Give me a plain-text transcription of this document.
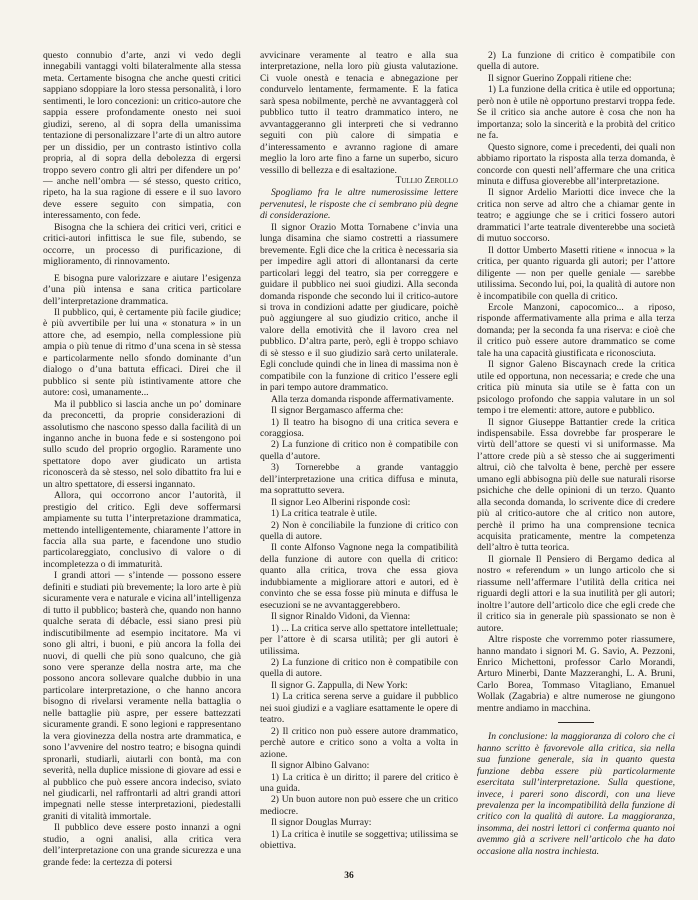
questo connubio d’arte, anzi vi vedo degli innegabili vantaggi volti bilateralmente alla stessa meta. Certamente bisogna che anche questi critici sappiano sdoppiare la loro stessa personalità, i loro sentimenti, le loro concezioni: un critico-autore che sappia essere profondamente onesto nei suoi giudizi, sereno, al di sopra della umanissima tentazione di personalizzare l’arte di un altro autore per un dissidio, per un contrasto istintivo colla propria, al di sopra della debolezza di ergersi troppo severo contro gli altri per difendere un po’ — anche nell’ombra — sé stesso, questo critico, ripeto, ha la sua ragione di essere e il suo lavoro deve essere seguito con simpatia, con interessamento, con fede.

Bisogna che la schiera dei critici veri, critici e critici-autori infittisca le sue file, subendo, se occorre, un processo di purificazione, di miglioramento, di rinnovamento.

E bisogna pure valorizzare e aiutare l’esigenza d’una più intensa e sana critica particolare dell’interpretazione drammatica.

Il pubblico, qui, è certamente più facile giudice; è più avvertibile per lui una « stonatura » in un attore che, ad esempio, nella complessione più ampia o più tenue di ritmo d’una scena in sè stessa e particolarmente nello sfondo dominante d’un dialogo o d’una battuta efficaci. Direi che il pubblico si sente più istintivamente attore che autore: così, umanamente...

Ma il pubblico si lascia anche un po’ dominare da preconcetti, da proprie considerazioni di assolutismo che nascono spesso dalla facilità di un inganno anche in buona fede e si sostengono poi sullo scudo del proprio orgoglio. Raramente uno spettatore dopo aver giudicato un artista riconoscerà da sè stesso, nel solo dibattito fra lui e un altro spettatore, di essersi ingannato.

Allora, qui occorrono ancor l’autorità, il prestigio del critico. Egli deve soffermarsi ampiamente su tutta l’interpretazione drammatica, mettendo intelligentemente, chiaramente l’attore in faccia alla sua parte, e facendone uno studio particolareggiato, conclusivo di valore o di incompletezza o di immaturità.

I grandi attori — s’intende — possono essere definiti e studiati più brevemente; la loro arte è più sicuramente vera e naturale e vicina all’intelligenza di tutto il pubblico; basterà che, quando non hanno qualche serata di débacle, essi siano presi più indiscutibilmente ad esempio incitatore. Ma vi sono gli altri, i buoni, e più ancora la folla dei nuovi, di quelli che più sono qualcuno, che già sono vere speranze della nostra arte, ma che possono ancora sollevare qualche dubbio in una particolare interpretazione, o che hanno ancora bisogno di rivelarsi veramente nella battaglia o nelle battaglie più aspre, per essere battezzati sicuramente grandi. E sono legioni e rappresentano la vera giovinezza della nostra arte drammatica, e sono l’avvenire del nostro teatro; e bisogna quindi spronarli, studiarli, aiutarli con bontà, ma con severità, nella duplice missione di giovare ad essi e al pubblico che può essere ancora indeciso, sviato nel giudicarli, nel raffrontarli ad altri grandi attori impegnati nelle stesse interpretazioni, piedestalli graniti di vitalità immortale.

Il pubblico deve essere posto innanzi a ogni studio, a ogni analisi, alla critica vera dell’interpretazione con una grande sicurezza e una grande fede: la certezza di potersi

avvicinare veramente al teatro e alla sua interpretazione, nella loro più giusta valutazione. Ci vuole onestà e tenacia e abnegazione per condurvelo lentamente, fermamente. E la fatica sarà spesa nobilmente, perchè ne avvantaggerà col pubblico tutto il teatro drammatico intero, ne avvantaggeranno gli interpreti che si vedranno seguiti con più calore di simpatia e d’interessamento e avranno ragione di amare meglio la loro arte fino a farne un superbo, sicuro vessillo di bellezza e di esaltazione.

Tullio Zerollo

Spogliamo fra le altre numerosissime lettere pervenutesi, le risposte che ci sembrano più degne di considerazione.

Il signor Orazio Motta Tornabene c’invia una lunga disamina che siamo costretti a riassumere brevemente. Egli dice che la critica è necessaria sia per impedire agli attori di allontanarsi da certe particolari leggi del teatro, sia per correggere e guidare il pubblico nei suoi giudizi. Alla seconda domanda risponde che secondo lui il critico-autore si trova in condizioni adatte per giudicare, poichè può aggiungere al suo giudizio critico, anche il valore della emotività che il lavoro crea nel pubblico. D’altra parte, però, egli è troppo schiavo di sè stesso e il suo giudizio sarà certo unilaterale. Egli conclude quindi che in linea di massima non è compatibile con la funzione di critico l’essere egli in pari tempo autore drammatico.

Alla terza domanda risponde affermativamente.

Il signor Bergamasco afferma che:

1) Il teatro ha bisogno di una critica severa e coraggiosa.

2) La funzione di critico non è compatibile con quella d’autore.

3) Tornerebbe a grande vantaggio dell’interpretazione una critica diffusa e minuta, ma soprattutto severa.

Il signor Leo Alberini risponde così:

1) La critica teatrale è utile.

2) Non è conciliabile la funzione di critico con quella di autore.

Il conte Alfonso Vagnone nega la compatibilità della funzione di autore con quella di critico: quanto alla critica, trova che essa giova indubbiamente a migliorare attori e autori, ed è convinto che se essa fosse più minuta e diffusa le esecuzioni se ne avvantaggerebbero.

Il signor Rinaldo Vidoni, da Vienna:

1) ... La critica serve allo spettatore intellettuale; per l’attore è di scarsa utilità; per gli autori è utilissima.

2) La funzione di critico non è compatibile con quella di autore.

Il signor G. Zappulla, di New York:

1) La critica serena serve a guidare il pubblico nei suoi giudizi e a vagliare esattamente le opere di teatro.

2) Il critico non può essere autore drammatico, perchè autore e critico sono a volta a volta in azione.

Il signor Albino Galvano:

1) La critica è un diritto; il parere del critico è una guida.

2) Un buon autore non può essere che un critico mediocre.

Il signor Douglas Murray:

1) La critica è inutile se soggettiva; utilissima se obiettiva.

2) La funzione di critico è compatibile con quella di autore.

Il signor Guerino Zoppali ritiene che:

1) La funzione della critica è utile ed opportuna; però non è utile nè opportuno prestarvi troppa fede. Se il critico sia anche autore è cosa che non ha importanza; solo la sincerità e la probità del critico ne fa.

Questo signore, come i precedenti, dei quali non abbiamo riportato la risposta alla terza domanda, è concorde con questi nell’affermare che una critica minuta e diffusa gioverebbe all’interpretazione.

Il signor Ardelio Mariotti dice invece che la critica non serve ad altro che a chiamar gente in teatro; e aggiunge che se i critici fossero autori drammatici l’arte teatrale diventerebbe una società di mutuo soccorso.

Il dottor Umberto Masetti ritiene « innocua » la critica, per quanto riguarda gli autori; per l’attore diligente — non per quelle geniale — sarebbe utilissima. Secondo lui, poi, la qualità di autore non è incompatibile con quella di critico.

Ercole Manzoni, capocomico... a riposo, risponde affermativamente alla prima e alla terza domanda; per la seconda fa una riserva: e cioè che il critico può essere autore drammatico se come tale ha una capacità giustificata e riconosciuta.

Il signor Galeno Biscaynach crede la critica utile ed opportuna, non necessaria; e crede che una critica più minuta sia utile se è fatta con un psicologo profondo che sappia valutare in un sol tempo i tre elementi: attore, autore e pubblico.

Il signor Giuseppe Battantier crede la critica indispensabile. Essa dovrebbe far prosperare le virtù dell’attore se questi vi si uniformasse. Ma l’attore crede più a sè stesso che ai suggerimenti altrui, ciò che talvolta è bene, perchè per essere umano egli abbisogna più delle sue naturali risorse psichiche che delle opinioni di un terzo. Quanto alla seconda domanda, lo scrivente dice di credere più al critico-autore che al critico non autore, perchè il primo ha una comprensione tecnica acquisita praticamente, mentre la competenza dell’altro è tutta teorica.

Il giornale Il Pensiero di Bergamo dedica al nostro « referendum » un lungo articolo che si riassume nell’affermare l’utilità della critica nei riguardi degli attori e la sua inutilità per gli autori; inoltre l’autore dell’articolo dice che egli crede che il critico sia in generale più spassionato se non è autore.

Altre risposte che vorremmo poter riassumere, hanno mandato i signori M. G. Savio, A. Pezzoni, Enrico Michettoni, professor Carlo Morandi, Arturo Minerbi, Dante Mazzeranghi, L. A. Bruni, Carlo Borea, Tommaso Vitagliano, Emanuel Wollak (Zagabria) e altre numerose ne giungono mentre andiamo in macchina.

In conclusione: la maggioranza di coloro che ci hanno scritto è favorevole alla critica, sia nella sua funzione generale, sia in quanto questa funzione debba essere più particolarmente esercitata sull’interpretazione. Sulla questione, invece, i pareri sono discordi, con una lieve prevalenza per la incompatibilità della funzione di critico con la qualità di autore. La maggioranza, insomma, dei nostri lettori ci conferma quanto noi avemmo già a scrivere nell’articolo che ha dato occasione alla nostra inchiesta.

36
